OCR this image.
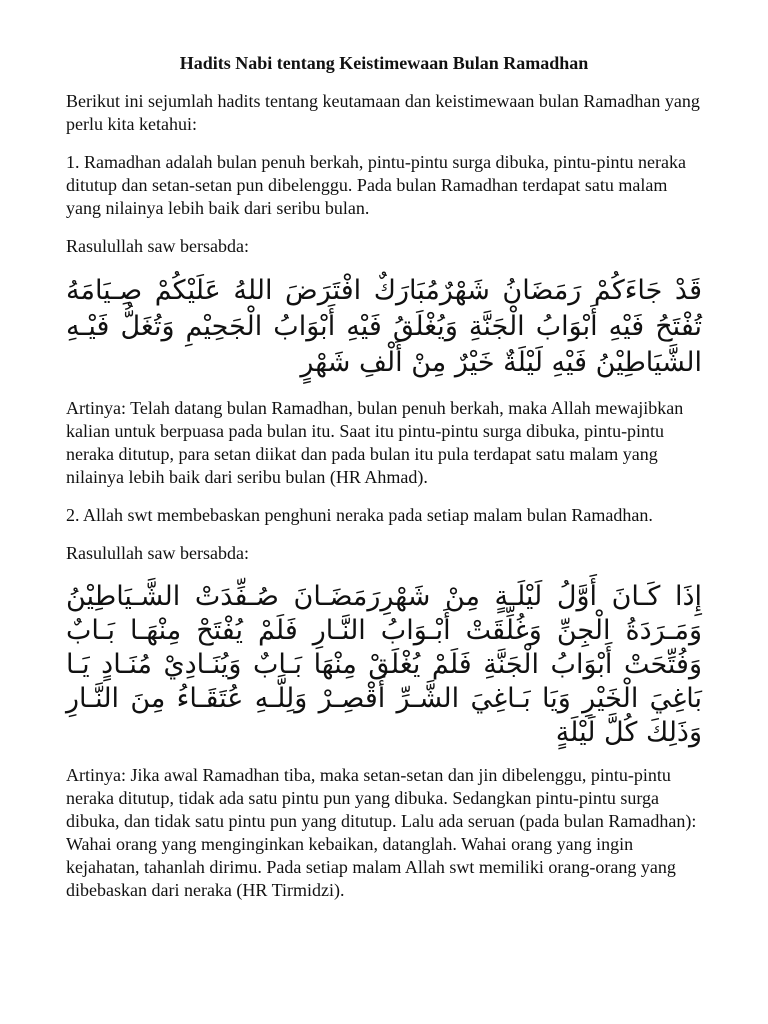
Hadits Nabi tentang Keistimewaan Bulan Ramadhan

Berikut ini sejumlah hadits tentang keutamaan dan keistimewaan bulan Ramadhan yang perlu kita ketahui:

1. Ramadhan adalah bulan penuh berkah, pintu-pintu surga dibuka, pintu-pintu neraka ditutup dan setan-setan pun dibelenggu. Pada bulan Ramadhan terdapat satu malam yang nilainya lebih baik dari seribu bulan.

Rasulullah saw bersabda:

قَدْ جَاءَكُمْ رَمَضَانُ شَهْرٌمُبَارَكٌ افْتَرَضَ اللهُ عَلَيْكُمْ صِـيَامَهُ تُفْتَحُ فَيْهِ أَبْوَابُ الْجَنَّةِ وَيُغْلَقُ فَيْهِ أَبْوَابُ الْجَحِيْمِ وَتُغَلُّ فَيْـهِ الشَّيَاطِيْنُ فَيْهِ لَيْلَةٌ خَيْرٌ مِنْ أَلْفِ شَهْرٍ

Artinya: Telah datang bulan Ramadhan, bulan penuh berkah, maka Allah mewajibkan kalian untuk berpuasa pada bulan itu. Saat itu pintu-pintu surga dibuka, pintu-pintu neraka ditutup, para setan diikat dan pada bulan itu pula terdapat satu malam yang nilainya lebih baik dari seribu bulan (HR Ahmad).

2. Allah swt membebaskan penghuni neraka pada setiap malam bulan Ramadhan.

Rasulullah saw bersabda:

إِذَا كَـانَ أَوَّلُ لَيْلَـةٍ مِنْ شَهْرِرَمَضَـانَ صُـفِّدَتْ الشَّـيَاطِيْنُ وَمَـرَدَةُ الْجِنِّ وَغُلِّقَتْ أَبْـوَابُ النَّـارِ فَلَمْ يُفْتَحْ مِنْهَـا بَـابٌ وَفُتِّحَتْ أَبْوَابُ الْجَنَّةِ فَلَمْ يُغْلَقْ مِنْهَا بَـابٌ وَيُنَـادِيْ مُنَـادٍ يَـا بَاغِيَ الْخَيْرِ وَيَا بَـاغِيَ الشَّـرِّ أَقْصِـرْ وَلِلَّـهِ عُتَقَـاءُ مِنَ النَّـارِ وَذَلِكَ كُلَّ لَيْلَةٍ

Artinya: Jika awal Ramadhan tiba, maka setan-setan dan jin dibelenggu, pintu-pintu neraka ditutup, tidak ada satu pintu pun yang dibuka. Sedangkan pintu-pintu surga dibuka, dan tidak satu pintu pun yang ditutup. Lalu ada seruan (pada bulan Ramadhan): Wahai orang yang menginginkan kebaikan, datanglah. Wahai orang yang ingin kejahatan, tahanlah dirimu. Pada setiap malam Allah swt memiliki orang-orang yang dibebaskan dari neraka (HR Tirmidzi).
